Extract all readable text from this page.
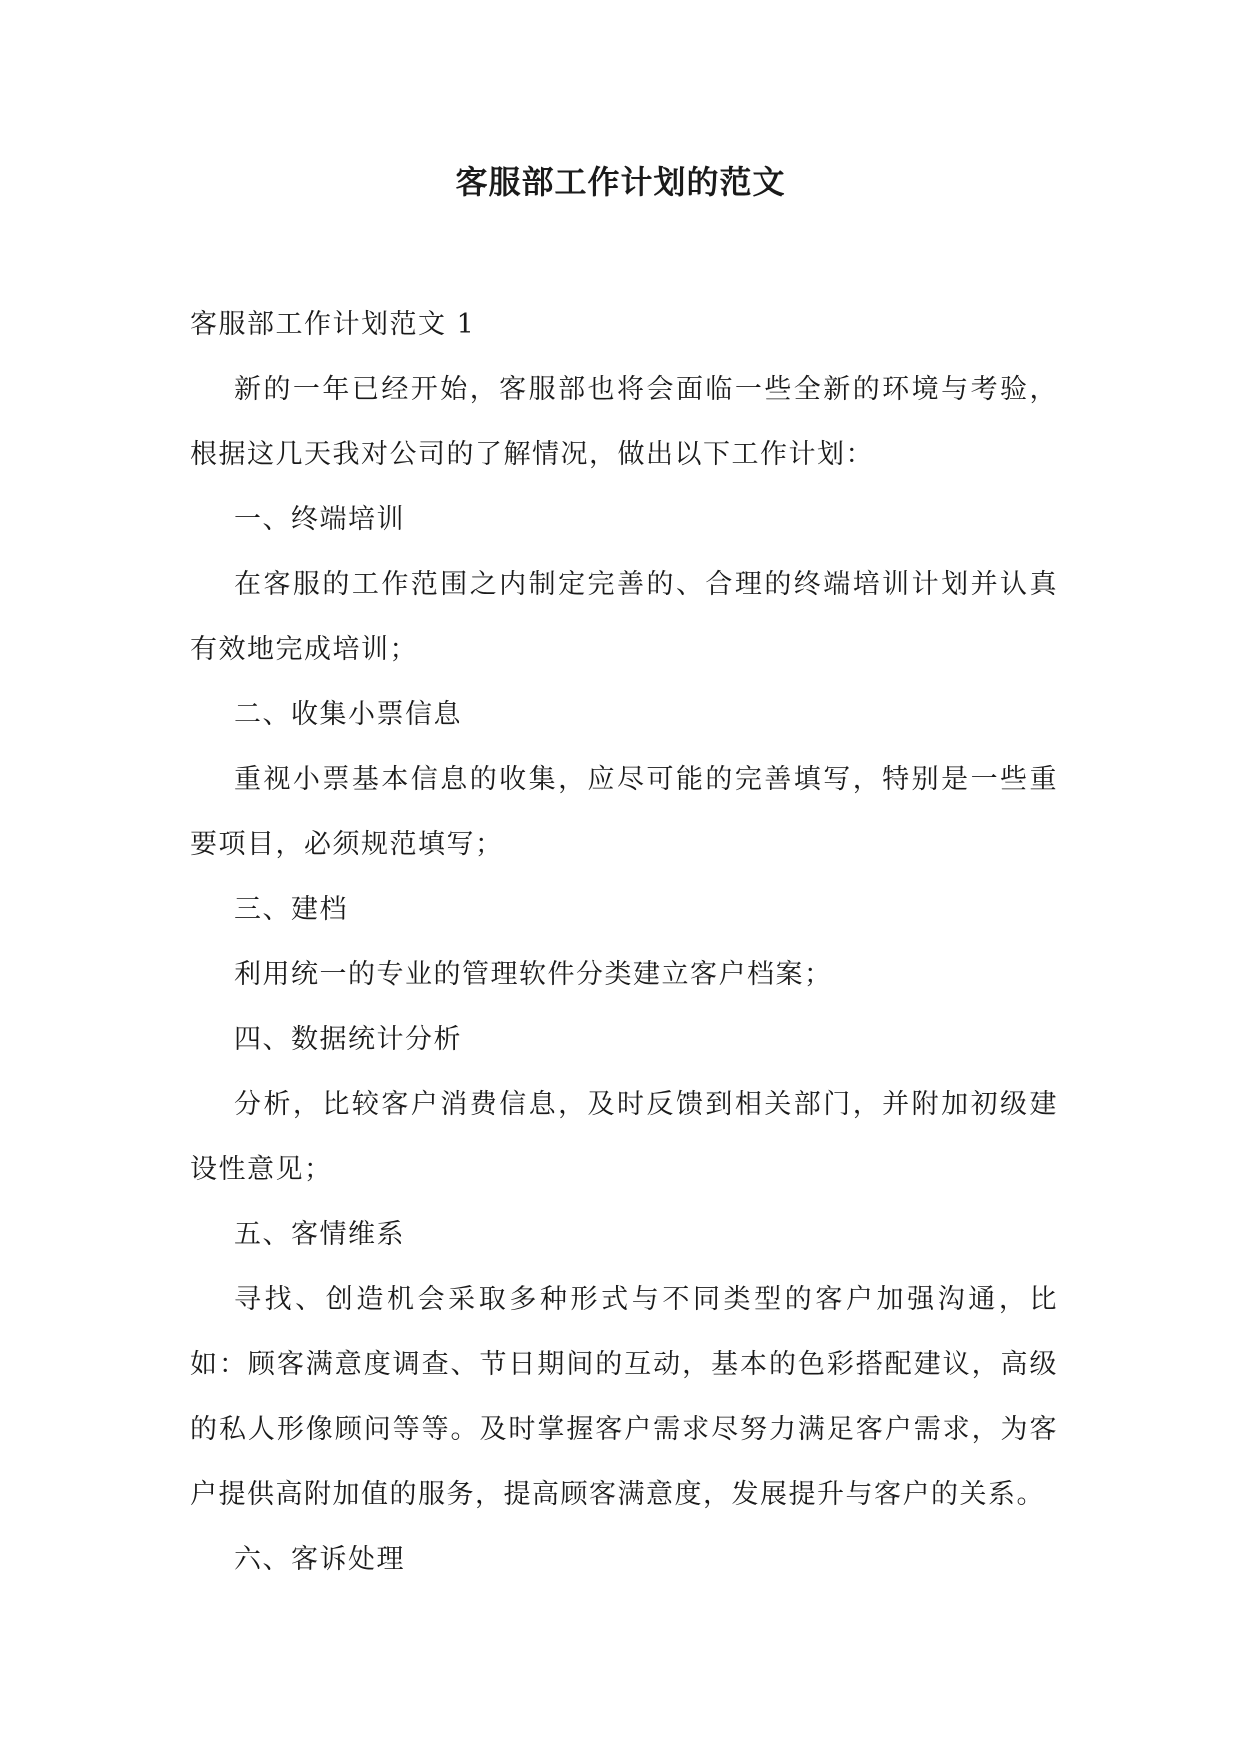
客服部工作计划的范文

客服部工作计划范文 1

新的一年已经开始，客服部也将会面临一些全新的环境与考验，根据这几天我对公司的了解情况，做出以下工作计划：

一、终端培训

在客服的工作范围之内制定完善的、合理的终端培训计划并认真有效地完成培训；

二、收集小票信息

重视小票基本信息的收集，应尽可能的完善填写，特别是一些重要项目，必须规范填写；

三、建档

利用统一的专业的管理软件分类建立客户档案；

四、数据统计分析

分析，比较客户消费信息，及时反馈到相关部门，并附加初级建设性意见；

五、客情维系

寻找、创造机会采取多种形式与不同类型的客户加强沟通，比如：顾客满意度调查、节日期间的互动，基本的色彩搭配建议，高级的私人形像顾问等等。及时掌握客户需求尽努力满足客户需求，为客户提供高附加值的服务，提高顾客满意度，发展提升与客户的关系。

六、客诉处理
